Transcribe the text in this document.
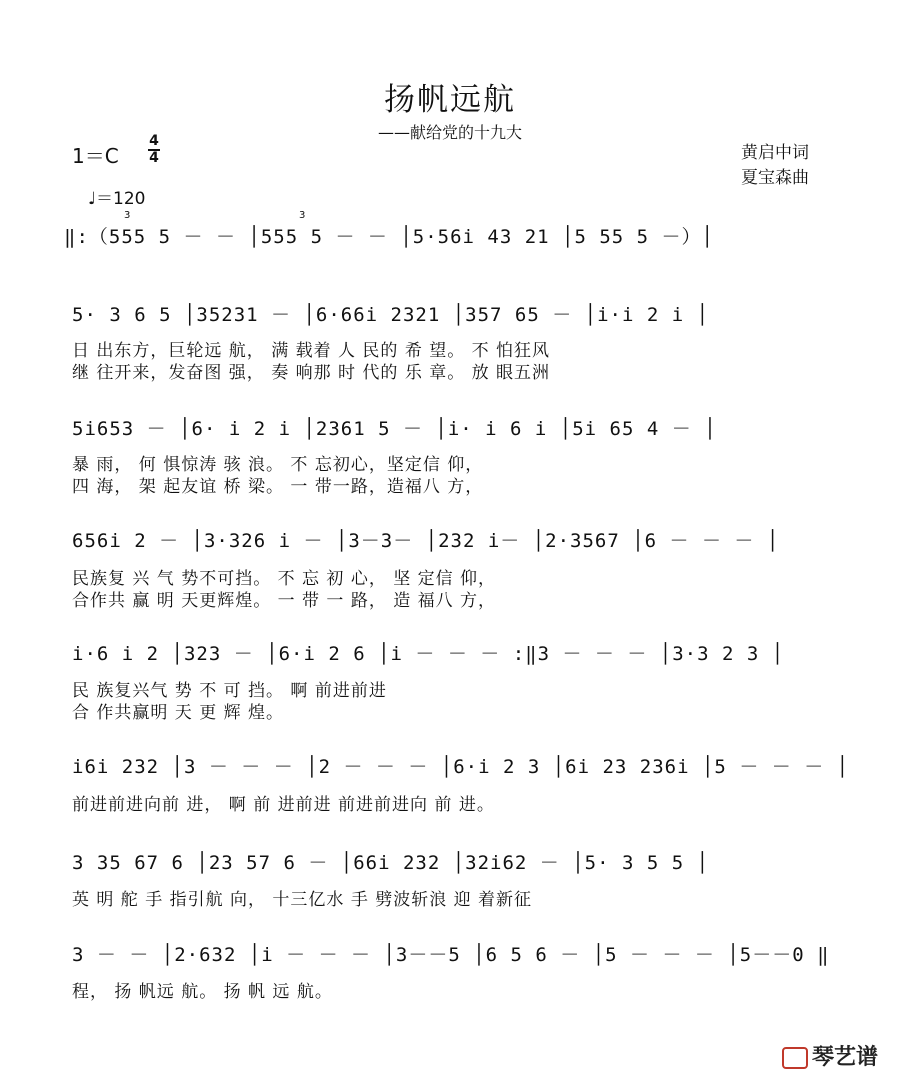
扬帆远航
——献给党的十九大
1＝C
4
4
♩＝120
黄启中词
夏宝森曲
3	3
‖:（555 5 － － │555 5 － － │5·56i 43 21 │5 55 5 －）│
5· 3 6 5 │35231 － │6·66i 2321 │357 65 － │i·i 2 i │
日 出东方，巨轮远 航， 满 载着 人 民的 希 望。 不 怕狂风
继 往开来，发奋图 强， 奏 响那 时 代的 乐 章。 放 眼五洲
5i653 － │6· i 2 i │2361 5 － │i· i 6 i │5i 65 4 － │
暴 雨， 何 惧惊涛 骇 浪。 不 忘初心，坚定信 仰，
四 海， 架 起友谊 桥 梁。 一 带一路，造福八 方，
656i 2 － │3·326 i － │3－3－ │232 i－ │2·3567 │6 － － － │
民族复 兴 气 势不可挡。 不 忘 初 心， 坚 定信 仰，
合作共 赢 明 天更辉煌。 一 带 一 路， 造 福八 方，
i·6 i 2 │323 － │6·i 2 6 │i － － － :‖3 － － － │3·3 2 3 │
民 族复兴气 势 不 可 挡。 啊 前进前进
合 作共赢明 天 更 辉 煌。
i6i 232 │3 － － － │2 － － － │6·i 2 3 │6i 23 236i │5 － － － │
前进前进向前 进， 啊 前 进前进 前进前进向 前 进。
3 35 67 6 │23 57 6 － │66i 232 │32i62 － │5· 3 5 5 │
英 明 舵 手 指引航 向， 十三亿水 手 劈波斩浪 迎 着新征
3 － － │2·632 │i － － － │3－－5 │6 5 6 － │5 － － － │5－－0 ‖
程， 扬 帆远 航。 扬 帆 远 航。
琴艺谱
